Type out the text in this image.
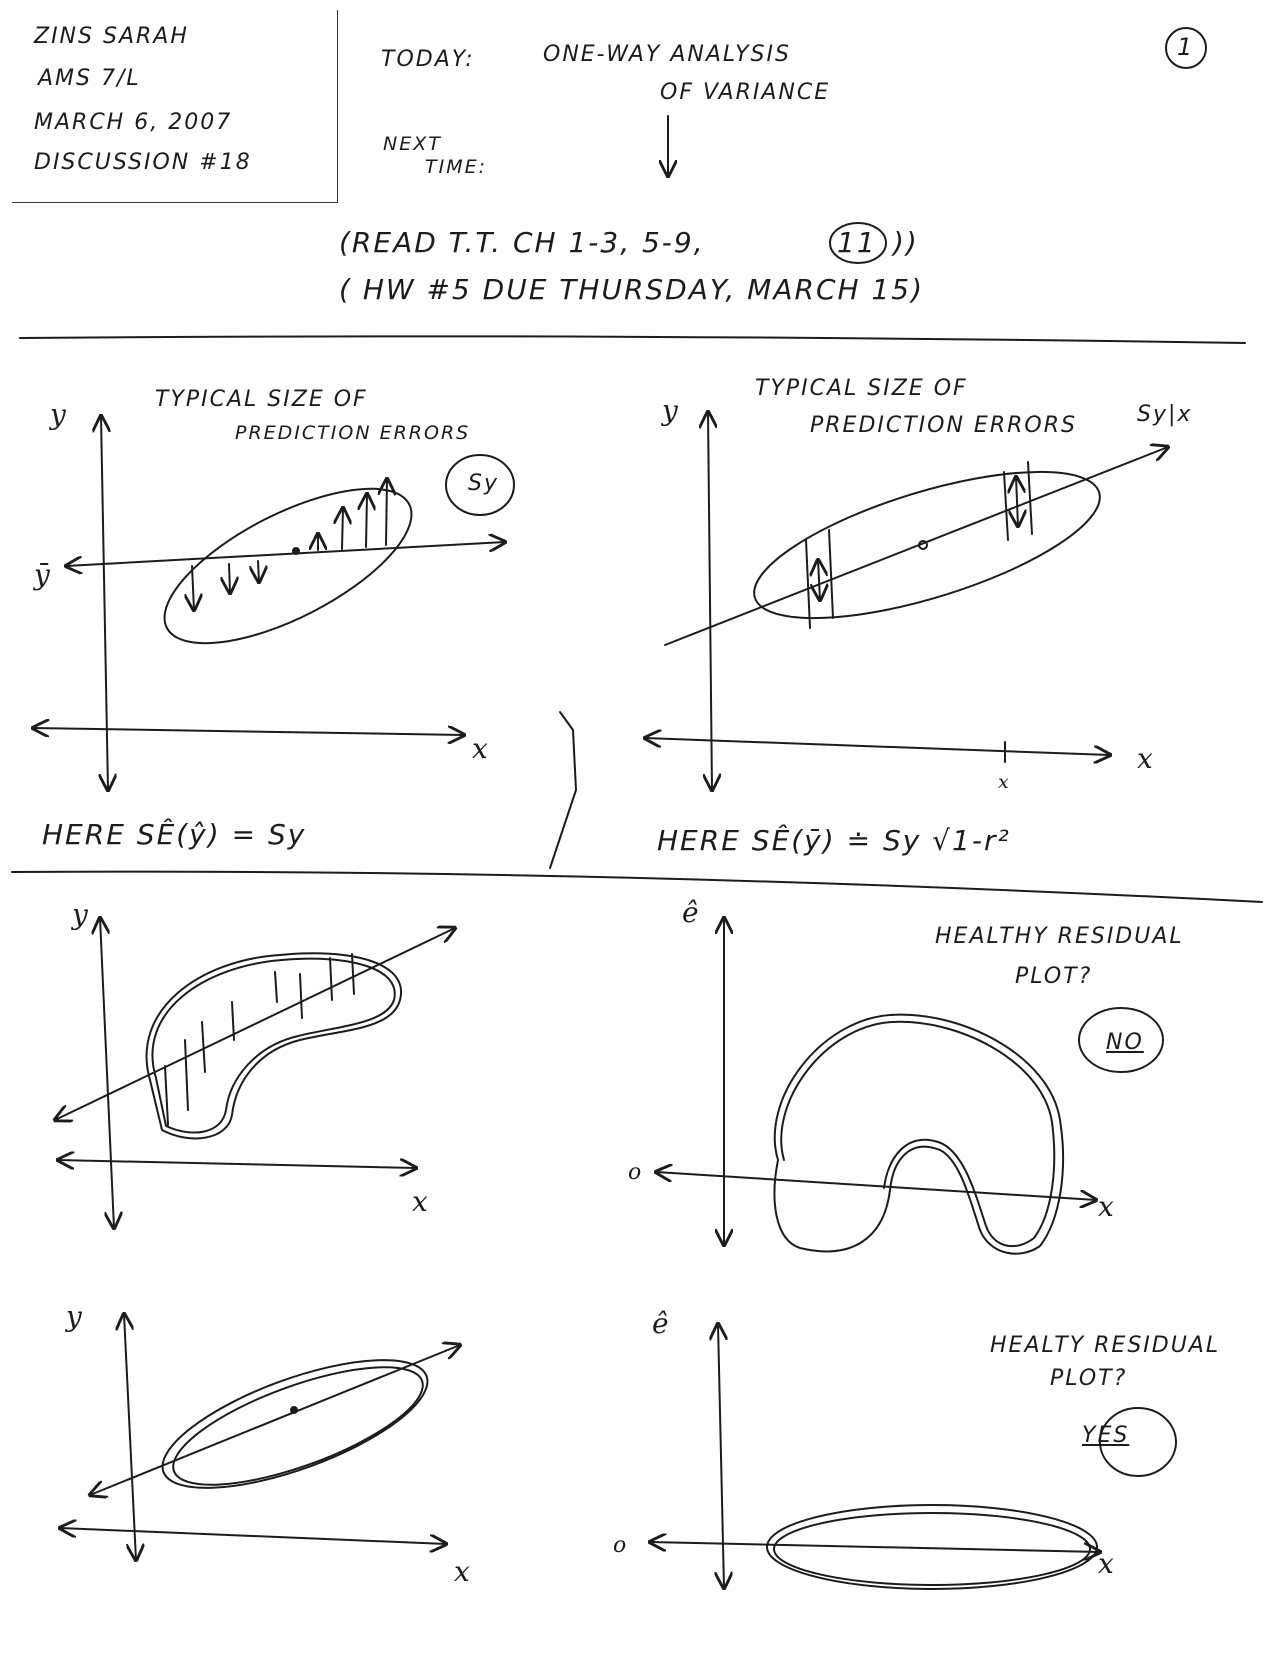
ZINS SARAH
AMS 7/L
MARCH 6, 2007
DISCUSSION #18
1
TODAY:	ONE-WAY ANALYSIS
OF VARIANCE
NEXT
TIME:
(READ T.T. CH 1-3, 5-9,	11 ))
( HW #5 DUE THURSDAY, MARCH 15)
y
x
ȳ
TYPICAL SIZE OF
PREDICTION ERRORS
Sy
HERE SÊ(ŷ) = Sy
y
x
x
TYPICAL SIZE OF
PREDICTION ERRORS	Sy|x
HERE SÊ(ȳ) ≐ Sy √1-r²
y
x
ê
x
o
HEALTHY RESIDUAL
PLOT?
NO
y
x
ê
x
o
HEALTY RESIDUAL
PLOT?
YES
